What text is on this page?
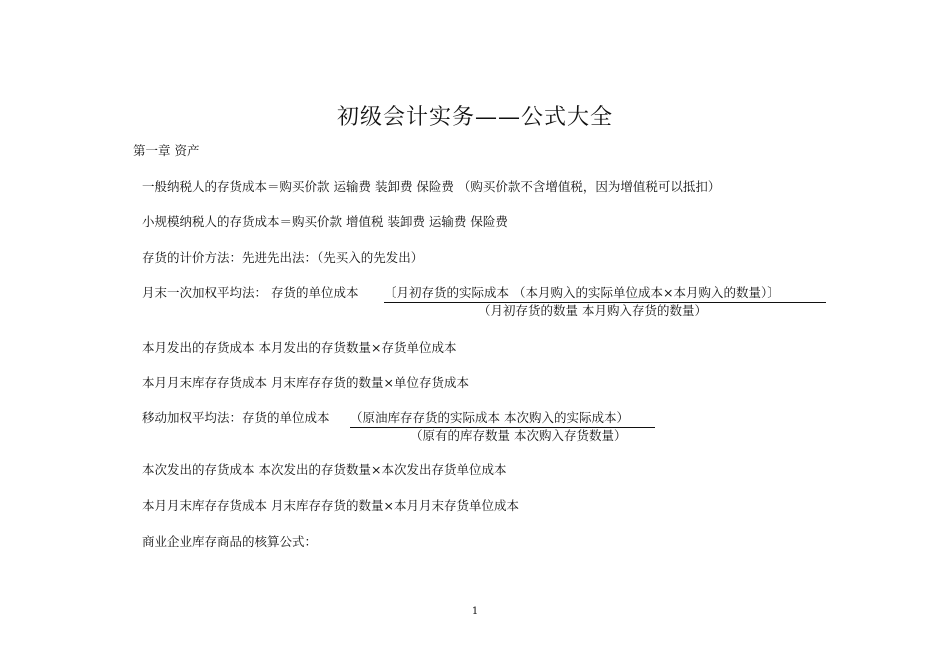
初级会计实务——公式大全
第一章 资产
一般纳税人的存货成本＝购买价款 运输费 装卸费 保险费 （购买价款不含增值税，因为增值税可以抵扣）
小规模纳税人的存货成本＝购买价款 增值税 装卸费 运输费 保险费
存货的计价方法：先进先出法：（先买入的先发出）
月末一次加权平均法： 存货的单位成本 〔月初存货的实际成本 （本月购入的实际单位成本×本月购入的数量）〕
（月初存货的数量 本月购入存货的数量）
本月发出的存货成本 本月发出的存货数量×存货单位成本
本月月末库存存货成本 月末库存存货的数量×单位存货成本
移动加权平均法：存货的单位成本 （原油库存存货的实际成本 本次购入的实际成本）
（原有的库存数量 本次购入存货数量）
本次发出的存货成本 本次发出的存货数量×本次发出存货单位成本
本月月末库存存货成本 月末库存存货的数量×本月月末存货单位成本
商业企业库存商品的核算公式：
1
